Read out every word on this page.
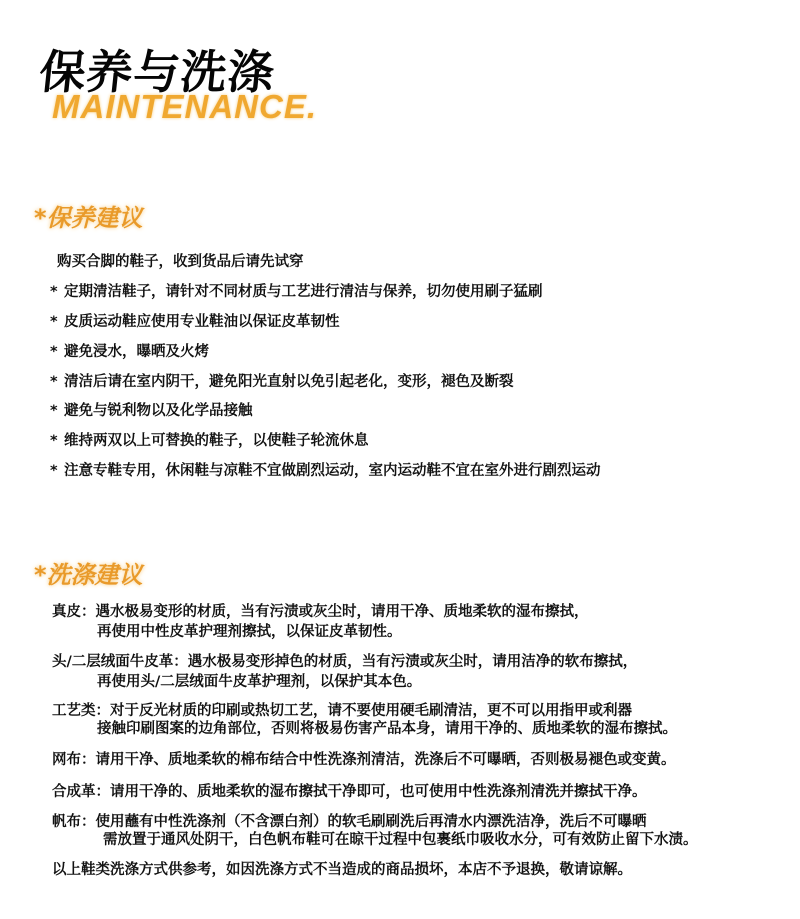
保养与洗涤
MAINTENANCE.
*保养建议
购买合脚的鞋子，收到货品后请先试穿
* 定期清洁鞋子，请针对不同材质与工艺进行清洁与保养，切勿使用刷子猛刷
* 皮质运动鞋应使用专业鞋油以保证皮革韧性
* 避免浸水，曝晒及火烤
* 清洁后请在室内阴干，避免阳光直射以免引起老化，变形，褪色及断裂
* 避免与锐利物以及化学品接触
* 维持两双以上可替换的鞋子，以使鞋子轮流休息
* 注意专鞋专用，休闲鞋与凉鞋不宜做剧烈运动，室内运动鞋不宜在室外进行剧烈运动
*洗涤建议
真皮：遇水极易变形的材质，当有污渍或灰尘时，请用干净、质地柔软的湿布擦拭，
再使用中性皮革护理剂擦拭，以保证皮革韧性。
头/二层绒面牛皮革：遇水极易变形掉色的材质，当有污渍或灰尘时，请用洁净的软布擦拭，
再使用头/二层绒面牛皮革护理剂，以保护其本色。
工艺类：对于反光材质的印刷或热切工艺，请不要使用硬毛刷清洁，更不可以用指甲或利器
接触印刷图案的边角部位，否则将极易伤害产品本身，请用干净的、质地柔软的湿布擦拭。
网布：请用干净、质地柔软的棉布结合中性洗涤剂清洁，洗涤后不可曝晒，否则极易褪色或变黄。
合成革：请用干净的、质地柔软的湿布擦拭干净即可，也可使用中性洗涤剂清洗并擦拭干净。
帆布：使用蘸有中性洗涤剂（不含漂白剂）的软毛刷刷洗后再清水内漂洗洁净，洗后不可曝晒
需放置于通风处阴干，白色帆布鞋可在晾干过程中包裹纸巾吸收水分，可有效防止留下水渍。
以上鞋类洗涤方式供参考，如因洗涤方式不当造成的商品损坏，本店不予退换，敬请谅解。
